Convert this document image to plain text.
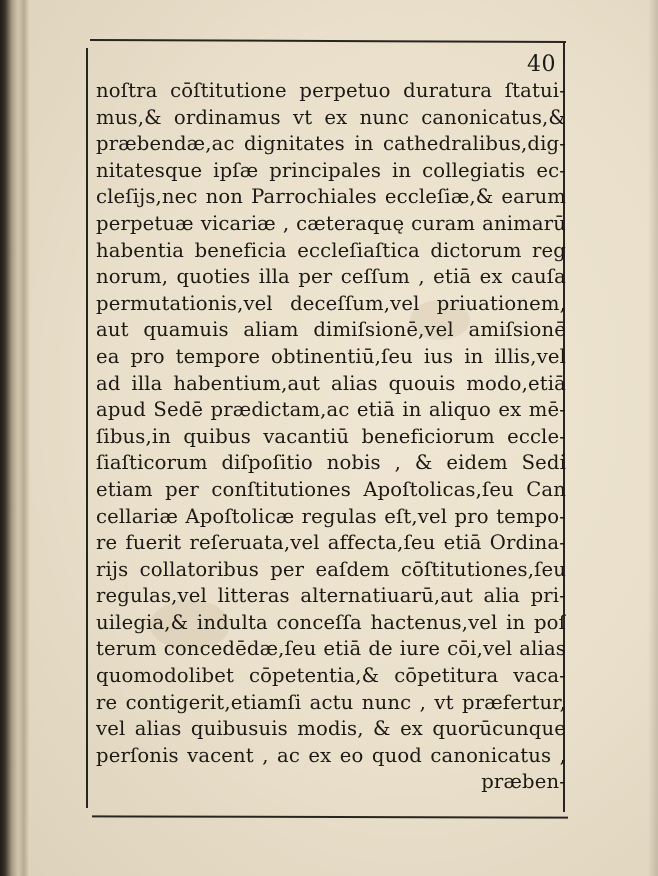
40
noſtra cōſtitutione perpetuo duratura ſtatui-
mus,& ordinamus vt ex nunc canonicatus,&
præbendæ,ac dignitates in cathedralibus,dig-
nitatesque ipſæ principales in collegiatis ec-
cleſijs,nec non Parrochiales eccleſiæ,& earum
perpetuæ vicariæ , cæteraquę curam animarū
habentia beneficia eccleſiaſtica dictorum reg
norum, quoties illa per ceſſum , etiā ex cauſa
permutationis,vel deceſſum,vel priuationem,
aut quamuis aliam dimiſsionē,vel amiſsionē
ea pro tempore obtinentiū,ſeu ius in illis,vel
ad illa habentium,aut alias quouis modo,etiā
apud Sedē prædictam,ac etiā in aliquo ex mē-
ſibus,in quibus vacantiū beneficiorum eccle-
ſiaſticorum diſpoſitio nobis , & eidem Sedi
etiam per conſtitutiones Apoſtolicas,ſeu Can
cellariæ Apoſtolicæ regulas eſt,vel pro tempo-
re fuerit reſeruata,vel affecta,ſeu etiā Ordina-
rijs collatoribus per eaſdem cōſtitutiones,ſeu
regulas,vel litteras alternatiuarū,aut alia pri-
uilegia,& indulta conceſſa hactenus,vel in poſ
terum concedēdæ,ſeu etiā de iure cōi,vel alias
quomodolibet cōpetentia,& cōpetitura vaca-
re contigerit,etiamſi actu nunc , vt præfertur,
vel alias quibusuis modis, & ex quorūcunque
perſonis vacent , ac ex eo quod canonicatus ,
præben-
